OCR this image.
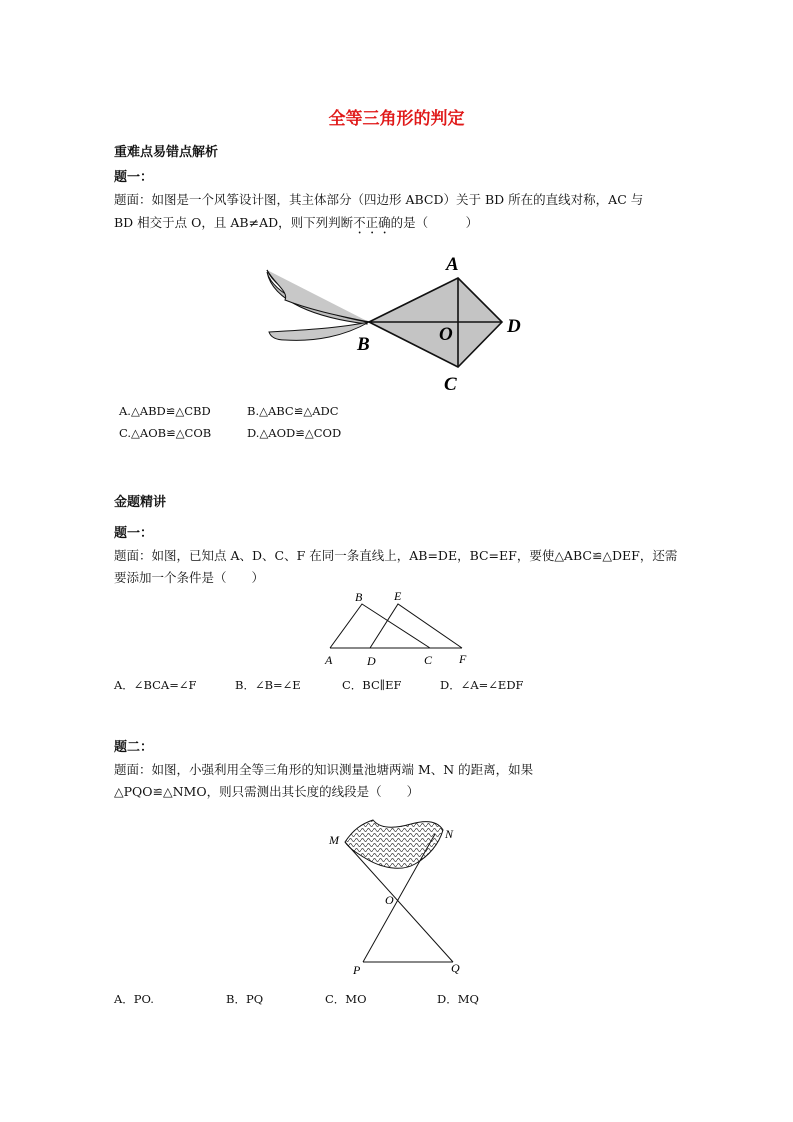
全等三角形的判定
重难点易错点解析
题一：
题面：如图是一个风筝设计图，其主体部分（四边形 ABCD）关于 BD 所在的直线对称，AC 与
BD 相交于点 O，且 AB≠AD，则下列判断不正确的是（　　　）
A
B
C
D
O
A.△ABD≌△CBD	B.△ABC≌△ADC
C.△AOB≌△COB	D.△AOD≌△COD
金题精讲
题一：
题面：如图，已知点 A、D、C、F 在同一条直线上，AB=DE，BC=EF，要使△ABC≌△DEF，还需
要添加一个条件是（　　）
B	E
A	D	C F
A．∠BCA=∠F	B．∠B=∠E	C．BC∥EF	D．∠A=∠EDF
题二：
题面：如图，小强利用全等三角形的知识测量池塘两端 M、N 的距离，如果
△PQO≌△NMO，则只需测出其长度的线段是（　　）
M	N
O
P	Q
A．PO.	B．PQ	C．MO	D．MQ
